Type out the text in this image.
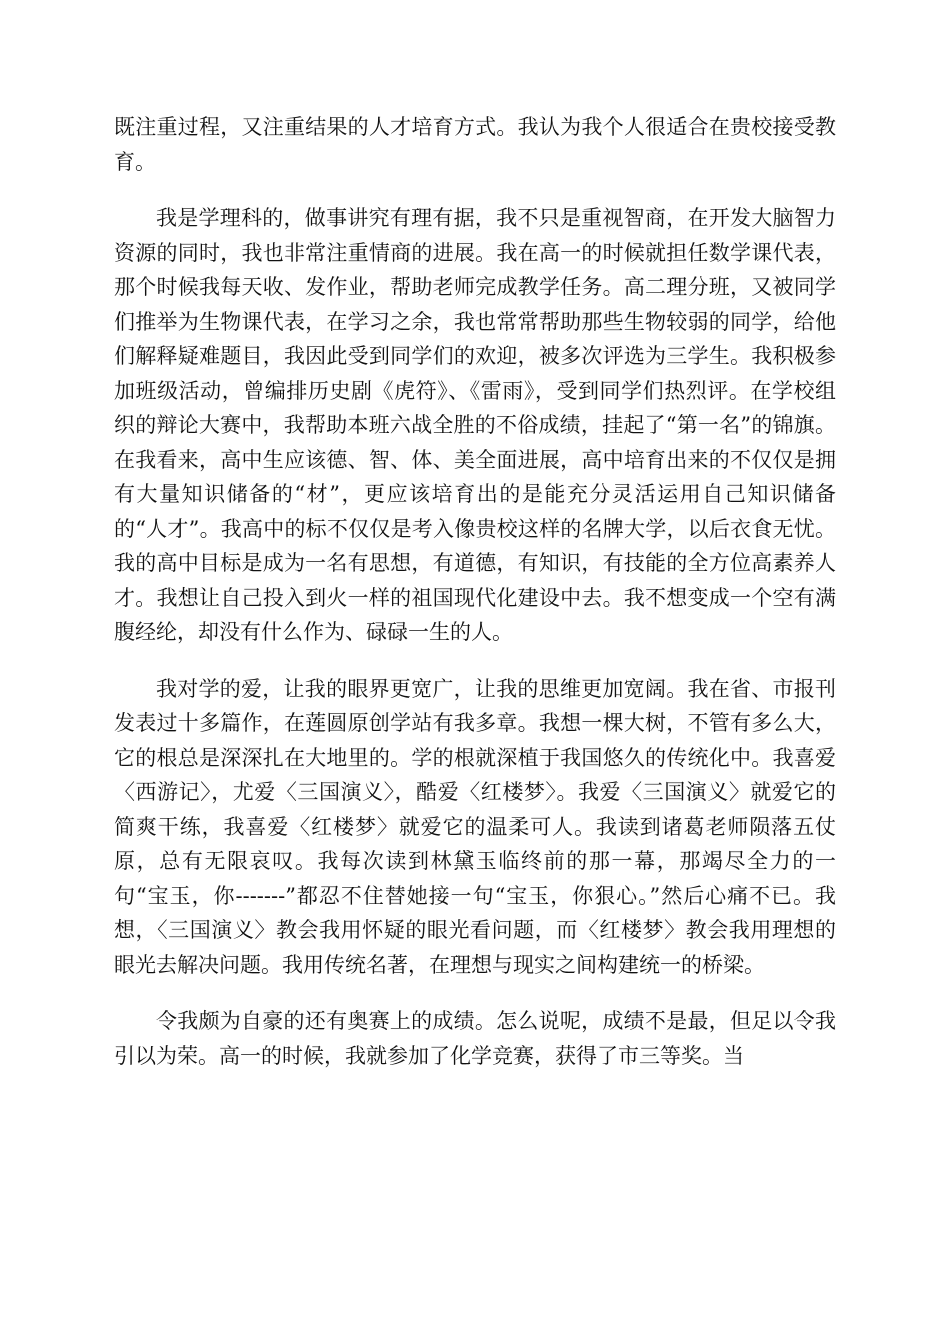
既注重过程，又注重结果的人才培育方式。我认为我个人很适合在贵校接受教育。

我是学理科的，做事讲究有理有据，我不只是重视智商，在开发大脑智力资源的同时，我也非常注重情商的进展。我在高一的时候就担任数学课代表，那个时候我每天收、发作业，帮助老师完成教学任务。高二理分班，又被同学们推举为生物课代表，在学习之余，我也常常帮助那些生物较弱的同学，给他们解释疑难题目，我因此受到同学们的欢迎，被多次评选为三学生。我积极参加班级活动，曾编排历史剧《虎符》、《雷雨》，受到同学们热烈评。在学校组织的辩论大赛中，我帮助本班六战全胜的不俗成绩，挂起了“第一名”的锦旗。在我看来，高中生应该德、智、体、美全面进展，高中培育出来的不仅仅是拥有大量知识储备的“材”，更应该培育出的是能充分灵活运用自己知识储备的“人才”。我高中的标不仅仅是考入像贵校这样的名牌大学，以后衣食无忧。我的高中目标是成为一名有思想，有道德，有知识，有技能的全方位高素养人才。我想让自己投入到火一样的祖国现代化建设中去。我不想变成一个空有满腹经纶，却没有什么作为、碌碌一生的人。

我对学的爱，让我的眼界更宽广，让我的思维更加宽阔。我在省、市报刊发表过十多篇作，在莲圆原创学站有我多章。我想一棵大树，不管有多么大，它的根总是深深扎在大地里的。学的根就深植于我国悠久的传统化中。我喜爱〈西游记〉，尤爱〈三国演义〉，酷爱〈红楼梦〉。我爱〈三国演义〉就爱它的简爽干练，我喜爱〈红楼梦〉就爱它的温柔可人。我读到诸葛老师陨落五仗原，总有无限哀叹。我每次读到林黛玉临终前的那一幕，那竭尽全力的一句“宝玉，你-------”都忍不住替她接一句“宝玉，你狠心。”然后心痛不已。我想，〈三国演义〉教会我用怀疑的眼光看问题，而〈红楼梦〉教会我用理想的眼光去解决问题。我用传统名著，在理想与现实之间构建统一的桥梁。

令我颇为自豪的还有奥赛上的成绩。怎么说呢，成绩不是最，但足以令我引以为荣。高一的时候，我就参加了化学竞赛，获得了市三等奖。当
